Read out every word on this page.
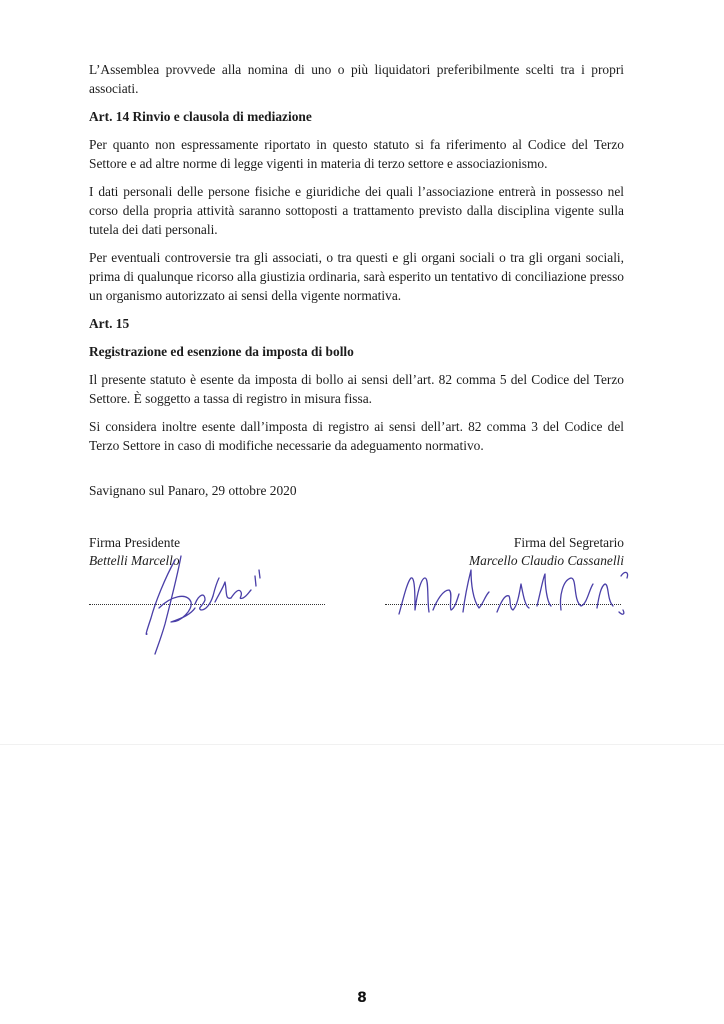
L’Assemblea provvede alla nomina di uno o più liquidatori preferibilmente scelti tra i propri associati.

Art. 14 Rinvio e clausola di mediazione

Per quanto non espressamente riportato in questo statuto si fa riferimento al Codice del Terzo Settore e ad altre norme di legge vigenti in materia di terzo settore e associazionismo.

I dati personali delle persone fisiche e giuridiche dei quali l’associazione entrerà in possesso nel corso della propria attività saranno sottoposti a trattamento previsto dalla disciplina vigente sulla tutela dei dati personali.

Per eventuali controversie tra gli associati, o tra questi e gli organi sociali o tra gli organi sociali, prima di qualunque ricorso alla giustizia ordinaria, sarà esperito un tentativo di conciliazione presso un organismo autorizzato ai sensi della vigente normativa.

Art. 15

Registrazione ed esenzione da imposta di bollo

Il presente statuto è esente da imposta di bollo ai sensi dell’art. 82 comma 5 del Codice del Terzo Settore. È soggetto a tassa di registro in misura fissa.

Si considera inoltre esente dall’imposta di registro ai sensi dell’art. 82 comma 3 del Codice del Terzo Settore in caso di modifiche necessarie da adeguamento normativo.

Savignano sul Panaro, 29 ottobre 2020
Firma Presidente
Bettelli Marcello
Firma del Segretario
Marcello Claudio Cassanelli
8
